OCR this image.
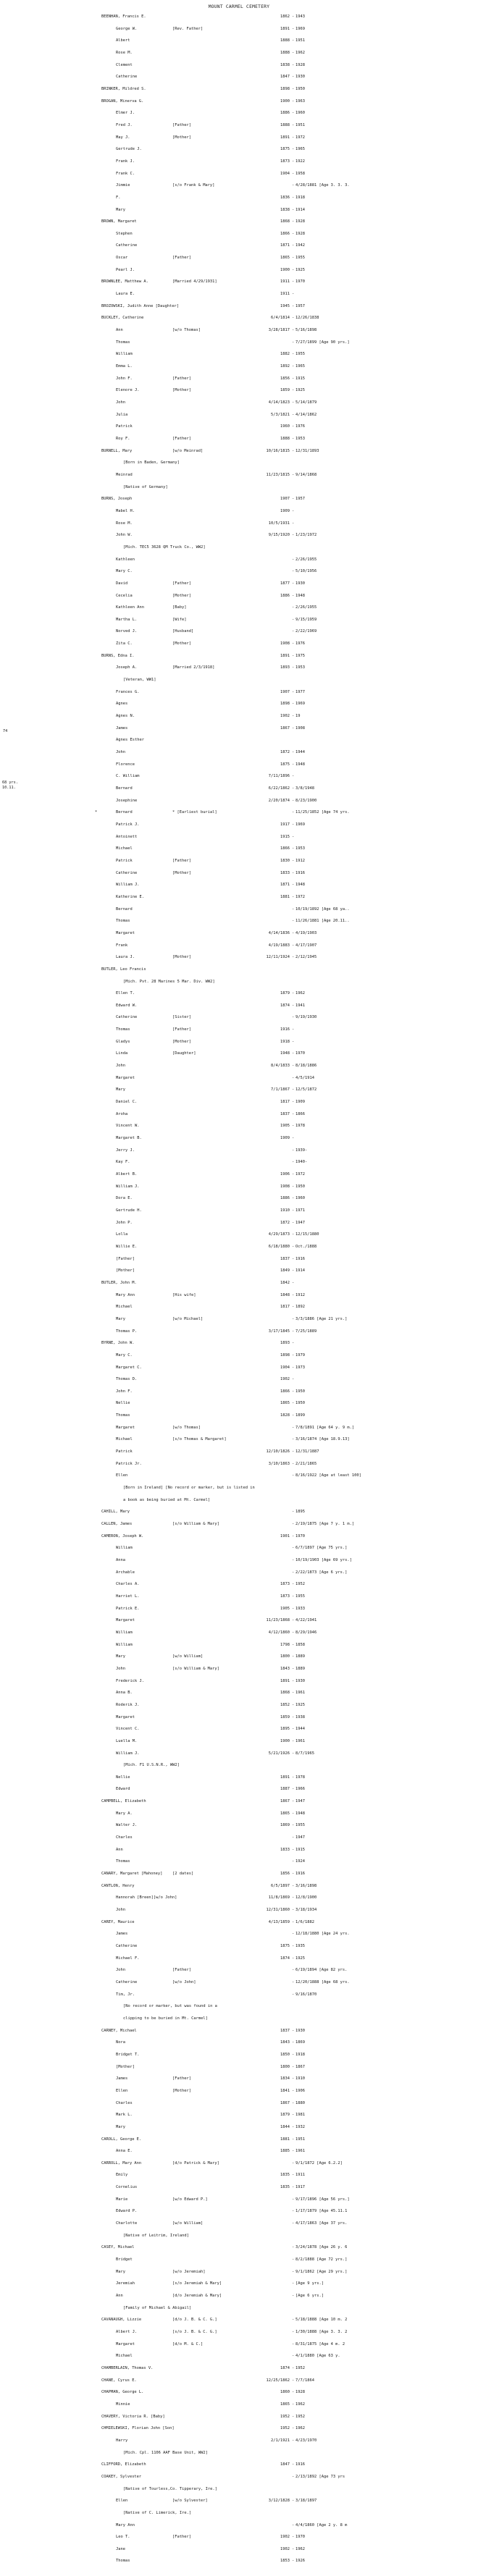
MOUNT CARMEL CEMETERY
74
68 yrs.
10.11.
BEENHAN, Francis E.	1862 - 1943
George W.	[Rev. Father]	1891 - 1969
Albert	1888 - 1951
Rose M.	1888 - 1962
Clement	1838 - 1928
Catherine	1847 - 1930
BRINKER, Mildred S.	1898 - 1950
BROGAN, Minerva G.	1900 - 1963
Elmer J.	1886 - 1960
Fred J.	[Father]	1888 - 1951
May J.	[Mother]	1891 - 1972
Gertrude J.	1875 - 1965
Frank J.	1873 - 1922
Frank C.	1904 - 1958
Jimmie	[s/o Frank & Mary]	- 4/28/1881 [Age 3. 3. 3.
F.	1836 - 1918
Mary	1838 - 1914
BROWN, Margaret	1868 - 1928
Stephen	1866 - 1928
Catherine	1871 - 1942
Oscar	[Father]	1865 - 1955
Pearl J.	1900 - 1925
BROWNLEE, Matthew A.	[Married 4/29/1931]	1911 - 1970
Laura E.	1911 -
BROZOWSKI, Judith Anne [Daughter]	1945 - 1957
BUCKLEY, Catherine	6/4/1814 - 12/26/1838
Ann	[w/o Thomas]	3/28/1817 - 5/16/1898
Thomas	- 7/27/1899 [Age 90 yrs.]
William	1882 - 1955
Emma L.	1892 - 1965
John F.	[Father]	1856 - 1915
Elenore J.	[Mother]	1859 - 1925
John	4/14/1823 - 5/14/1879
Julia	5/3/1821 - 4/14/1862
Patrick	1960 - 1976
Roy F.	[Father]	1888 - 1953
BURNELL, Mary	[w/o Meinrad]	10/16/1815 - 12/31/1893
[Born in Baden, Germany]
Meinrad	11/23/1815 - 9/14/1868
[Native of Germany]
BURNS, Joseph	1907 - 1957
Mabel H.	1909 -
Rose M.	10/5/1931 -
John W.	9/15/1920 - 1/23/1972
[Mich. TEC5 3628 QM Truck Co., WW2]
Kathleen	- 2/26/1955
Mary C.	- 5/10/1956
David	[Father]	1877 - 1930
Cecelia	[Mother]	1886 - 1948
Kathleen Ann	[Baby]	- 2/26/1955
Martha L.	[Wife]	- 9/15/1959
Norved J.	[Husband]	- 2/22/1969
Zita C.	[Mother]	1908 - 1976
BURNS, Edna I.	1891 - 1975
Joseph A.	[Married 2/3/1918]	1893 - 1953
[Veteran, WW1]
Frances G.	1907 - 1977
Agnes	1898 - 1969
Agnes N.	1902 - 19
James	1867 - 1908
Agnes Esther
John	1872 - 1944
Florence	1875 - 1948
C. William	7/11/1896 -
Bernard	6/22/1862 - 3/8/1948
Josephine	2/20/1874 - 8/23/1900
*	Bernard	* [Earliest burial]	- 11/25/1852 [Age 74 yrs.
Patrick J.	1917 - 1969
Antoinett	1915 -
Michael	1866 - 1953
Patrick	[Father]	1830 - 1912
Catherine	[Mother]	1833 - 1916
William J.	1871 - 1948
Katherine E.	1881 - 1972
Bernard	- 10/19/1892 [Age 68 ya..
Thomas	- 11/26/1881 [Age 20.11..
Margaret	4/14/1836 - 4/19/1903
Frank	4/19/1883 - 4/17/1907
Laura J.	[Mother]	12/11/1924 - 2/12/1945
BUTLER, Leo Francis
[Mich. Pvt. 28 Marines 5 Mar. Div. WW2]
Ellen T.	1879 - 1962
Edward W.	1874 - 1941
Catherine	[Sister]	- 9/19/1930
Thomas	[Father]	1916 -
Gladys	[Mother]	1918 -
Linda	[Daughter]	1948 - 1970
John	8/4/1833 - 8/18/1886
Margaret	- 4/5/1914
Mary	7/1/1867 - 12/5/1872
Daniel C.	1817 - 1909
Aroha	1837 - 1866
Vincent W.	1905 - 1978
Margaret B.	1909 -
Jerry J.	- 1939-
Kay F.	- 1940-
Albert B.	1906 - 1972
William J.	1908 - 1950
Dora E.	1886 - 1960
Gertrude H.	1910 - 1971
John P.	1872 - 1947
Lolla	4/29/1873 - 12/15/1880
Willie E.	6/18/1880 - Oct./1888
[Father]	1837 - 1916
[Mother]	1849 - 1914
BUTLER, John M.	1842 -
Mary Ann	[His wife]	1848 - 1912
Michael	1817 - 1892
Mary	[w/o Michael]	- 3/3/1886 [Age 21 yrs.]
Thomas P.	3/17/1845 - 7/25/1889
BYRNE, John W.	1893 -
Mary C.	1898 - 1979
Margaret C.	1904 - 1973
Thomas D.	1902 -
John F.	1866 - 1950
Nellie	1865 - 1950
Thomas	1828 - 1899
Margaret	[w/o Thomas]	- 7/8/1891 [Age 64 y. 9 m.]
Michael	[s/o Thomas & Margaret]	- 3/16/1874 [Age 18.9.13]
Patrick	12/10/1826 - 12/31/1887
Patrick Jr.	3/10/1863 - 2/21/1865
Ellen	- 8/16/1922 [Age at least 100]
[Born in Ireland] [No record or marker, but is listed in
a book as being buried at Mt. Carmel]
CAHILL, Mary	- 1895
CALLEN, James	[s/o William & Mary]	- 2/19/1875 [Age 7 y. 1 m.]
CAMERON, Joseph W.	1901 - 1970
William	- 6/7/1897 [Age 75 yrs.]
Anna	- 10/19/1903 [Age 69 yrs.]
Archable	- 2/22/1873 [Age 6 yrs.]
Charles A.	1873 - 1952
Harriet L.	1873 - 1955
Patrick E.	1905 - 1933
Margaret	11/23/1868 - 4/22/1941
William	4/12/1860 - 8/29/1946
William	1798 - 1858
Mary	[w/o William]	1800 - 1889
John	[s/o William & Mary]	1843 - 1889
Frederick J.	1891 - 1930
Anna B.	1868 - 1961
Roderik J.	1852 - 1925
Margaret	1859 - 1938
Vincent C.	1895 - 1944
Luella M.	1900 - 1961
William J.	5/21/1926 - 8/7/1965
[Mich. F1 U.S.N.R., WW2]
Nellie	1891 - 1978
Edward	1887 - 1966
CAMPBELL, Elizabeth	1867 - 1947
Mary A.	1865 - 1948
Walter J.	1869 - 1955
Charles	- 1947
Ann	1833 - 1915
Thomas	- 1924
CANARY, Margaret [Mahoney]	[2 dates]	1856 - 1916
CANTLON, Henry	6/5/1897 - 3/16/1898
Hannorah [Breen][w/o John]	11/8/1869 - 12/8/1900
John	12/31/1860 - 3/18/1934
CAREY, Maurice	4/13/1859 - 1/6/1882
James	- 12/18/1880 [Age 24 yrs.
Catherine	1875 - 1935
Michael F.	1874 - 1925
John	[Father]	- 6/19/1894 [Age 82 yrs.
Catherine	[w/o John]	- 12/20/1888 [Age 68 yrs.
Tim, Jr.	- 9/16/1870
[No record or marker, but was found in a
clipping to be buried in Mt. Carmel]
CARNEY, Michael	1837 - 1930
Nora	1843 - 1869
Bridget T.	1850 - 1918
[Mother]	1800 - 1867
James	[Father]	1834 - 1910
Ellen	[Mother]	1841 - 1906
Charles	1867 - 1880
Mark L.	1879 - 1981
Mary	1844 - 1932
CAROLL, George E.	1881 - 1951
Anna E.	1885 - 1961
CARROLL, Mary Ann	[d/o Patrick & Mary]	- 9/1/1872 [Age 6.2.2]
Emily	1835 - 1911
Cornelius	1835 - 1917
Marie	[w/o Edward P.]	- 9/17/1896 [Age 56 yrs.]
Edward P.	- 1/17/1879 [Age 45.11.1
Charlotte	[w/o William]	- 4/17/1863 [Age 37 yrs.
[Native of Leitrim, Ireland]
CASEY, Michael	- 3/24/1878 [Age 26 y. 6
Bridget	- 8/2/1888 [Age 72 yrs.]
Mary	[w/o Jeremiah]	- 9/1/1862 [Age 29 yrs.]
Jeremiah	[s/o Jeremiah & Mary]	- [Age 9 yrs.]
Ann	[d/o Jeremiah & Mary]	- [Age 6 yrs.]
[Family of Michael & Abigail]
CAVANAUGH, Lizzie	[d/o J. B. & C. G.]	- 5/18/1888 [Age 10 m. 2
Albert J.	[s/o J. B. & C. G.]	- 1/30/1888 [Age 3. 3. 2
Margaret	[d/o M. & C.]	- 8/31/1875 [Age 4 m. 2
Michael	- 4/1/1880 [Age 63 y.
CHAMBERLAIN, Thomas V.	1874 - 1952
CHANE, Cyrus E.	12/25/1862 - 7/7/1864
CHAPMAN, George L.	1860 - 1928
Minnie	1865 - 1962
CHAVERY, Victoria R. [Baby]	1952 - 1952
CHMIELEWSKI, Florian John [Son]	1952 - 1962
Harry	2/1/1921 - 4/23/1970
[Mich. Cpl. 1106 AAF Base Unit, WW2]
CLIFFORD, Elizabeth	1847 - 1916
COAKEY, Sylvester	- 2/13/1892 [Age 73 yrs
[Native of Tourless,Co. Tipperary, Ire.]
Ellen	[w/o Sylvester]	3/12/1828 - 3/18/1897
[Native of C. Limerick, Ire.]
Mary Ann	- 4/4/1860 [Age 2 y. 8 m
Leo T.	[Father]	1902 - 1970
Jane	1902 - 1962
Thomas	1853 - 1926
